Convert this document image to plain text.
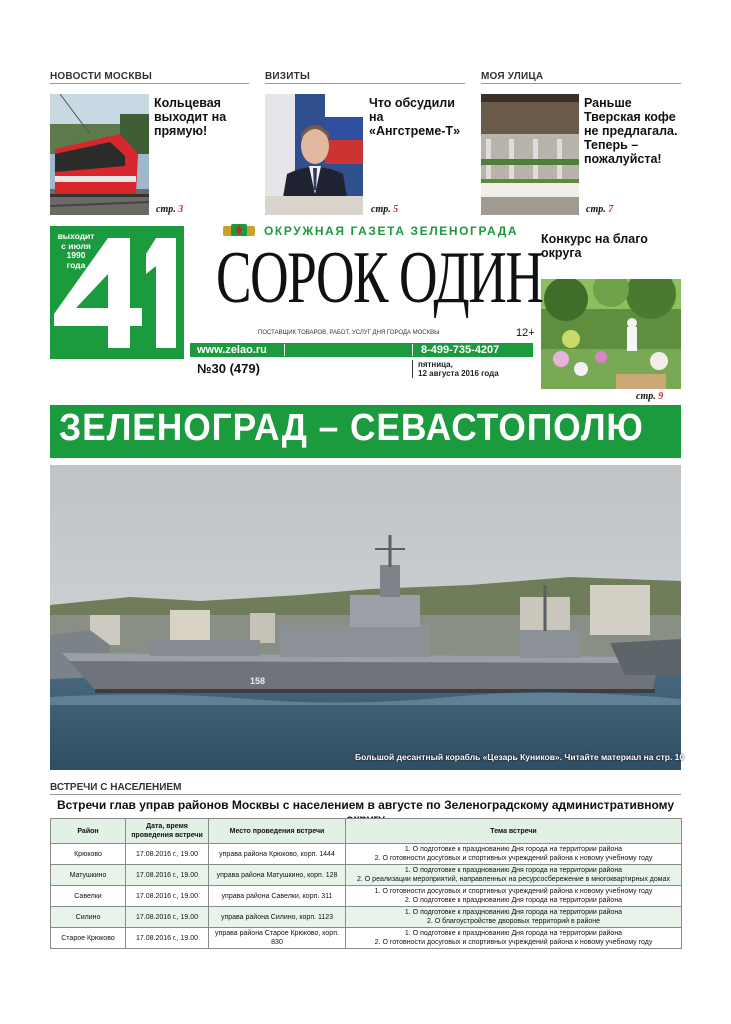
НОВОСТИ МОСКВЫ	ВИЗИТЫ	МОЯ УЛИЦА
Кольцевая выходит на прямую!
стр. 3
Что обсудили на «Ангстреме-Т»
стр. 5
Раньше Тверская кофе не предлагала. Теперь – пожалуйста!
стр. 7
Конкурс на благо округа
стр. 9
выходит
с июля
1990
года
ОКРУЖНАЯ ГАЗЕТА ЗЕЛЕНОГРАДА
СОРОК ОДИН
ПОСТАВЩИК ТОВАРОВ, РАБОТ, УСЛУГ ДНЯ ГОРОДА МОСКВЫ	12+
www.zelao.ru	8-499-735-4207
№30 (479)	пятница,
12 августа 2016 года
ЗЕЛЕНОГРАД – СЕВАСТОПОЛЮ
158
Большой десантный корабль «Цезарь Куников». Читайте материал на стр. 10
ВСТРЕЧИ С НАСЕЛЕНИЕМ
Встречи глав управ районов Москвы с населением в августе по Зеленоградскому административному
Район	Дата, время
проведения встречи	Место проведения встречи	Тема встречи
Крюково	17.08.2016 г., 19.00	управа района Крюково, корп. 1444	1. О подготовке к празднованию Дня города на территории района
2. О готовности досуговых и спортивных учреждений района к новому учебному году

Матушкино	17.08.2016 г., 19.00	управа района Матушкино, корп. 128	1. О подготовке к празднованию Дня города на территории района
2. О реализации мероприятий, направленных на ресурсосбережение в многоквартирных домах

Савелки	17.08.2016 г., 19.00	управа района Савелки, корп. 311	1. О готовности досуговых и спортивных учреждений района к новому учебному году
2. О подготовке к празднованию Дня города на территории района

Силино	17.08.2016 г., 19.00	управа района Силино, корп. 1123	1. О подготовке к празднованию Дня города на территории района
2. О благоустройстве дворовых территорий в районе

Старое Крюково	17.08.2016 г., 19.00	управа района Старое Крюково, корп. 830	1. О подготовке к празднованию Дня города на территории района
2. О готовности досуговых и спортивных учреждений района к новому учебному году
